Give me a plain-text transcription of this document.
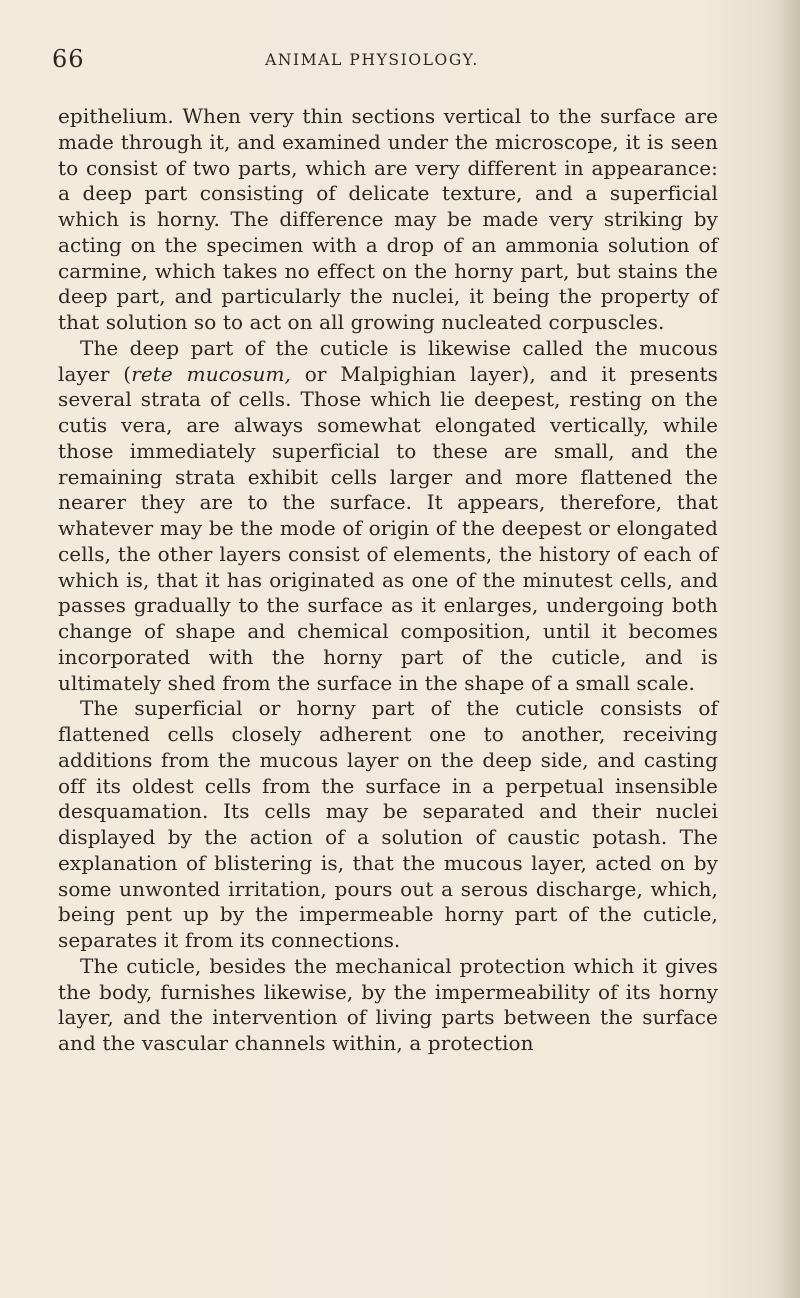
66	ANIMAL PHYSIOLOGY.

epithelium. When very thin sections vertical to the surface are made through it, and examined under the microscope, it is seen to consist of two parts, which are very different in appearance: a deep part consisting of delicate texture, and a superficial which is horny. The difference may be made very striking by acting on the specimen with a drop of an ammonia solution of carmine, which takes no effect on the horny part, but stains the deep part, and particularly the nuclei, it being the property of that solution so to act on all growing nucleated corpuscles.

The deep part of the cuticle is likewise called the mucous layer (rete mucosum, or Malpighian layer), and it presents several strata of cells. Those which lie deepest, resting on the cutis vera, are always somewhat elongated vertically, while those immediately superficial to these are small, and the remaining strata exhibit cells larger and more flattened the nearer they are to the surface. It appears, therefore, that whatever may be the mode of origin of the deepest or elongated cells, the other layers consist of elements, the history of each of which is, that it has originated as one of the minutest cells, and passes gradually to the surface as it enlarges, undergoing both change of shape and chemical composition, until it becomes incorporated with the horny part of the cuticle, and is ultimately shed from the surface in the shape of a small scale.

The superficial or horny part of the cuticle consists of flattened cells closely adherent one to another, receiving additions from the mucous layer on the deep side, and casting off its oldest cells from the surface in a perpetual insensible desquamation. Its cells may be separated and their nuclei displayed by the action of a solution of caustic potash. The explanation of blistering is, that the mucous layer, acted on by some unwonted irritation, pours out a serous discharge, which, being pent up by the impermeable horny part of the cuticle, separates it from its connections.

The cuticle, besides the mechanical protection which it gives the body, furnishes likewise, by the impermeability of its horny layer, and the intervention of living parts between the surface and the vascular channels within, a protection
